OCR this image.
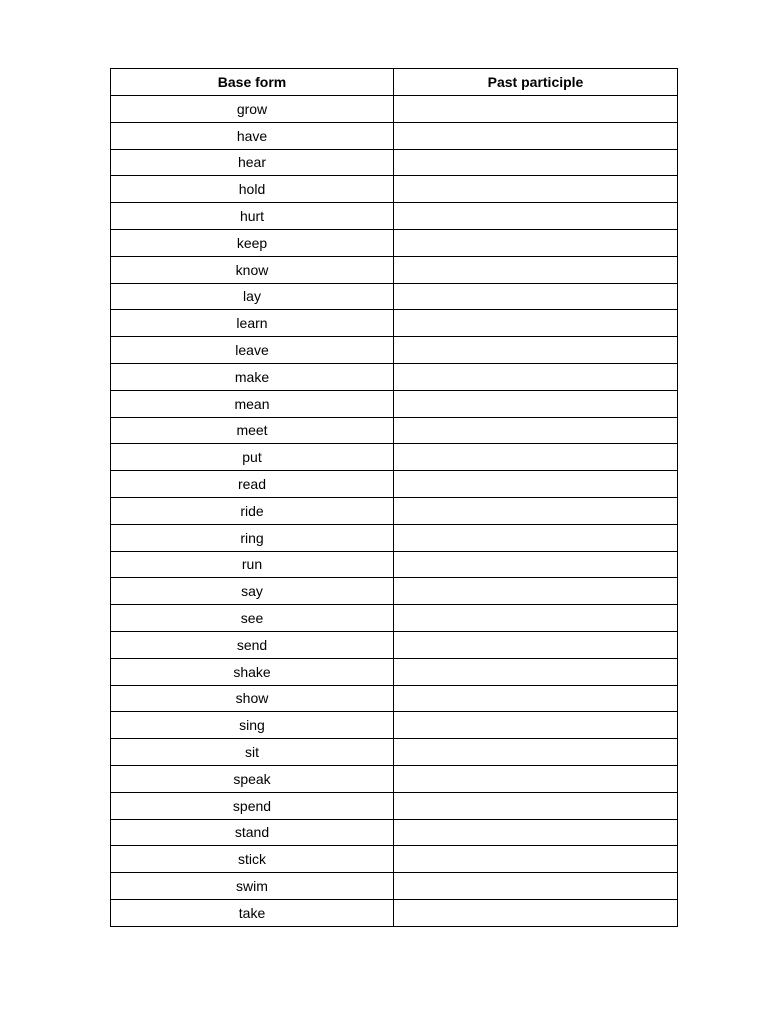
Base form	Past participle
grow	
have	
hear	
hold	
hurt	
keep	
know	
lay	
learn	
leave	
make	
mean	
meet	
put	
read	
ride	
ring	
run	
say	
see	
send	
shake	
show	
sing	
sit	
speak	
spend	
stand	
stick	
swim	
take	
